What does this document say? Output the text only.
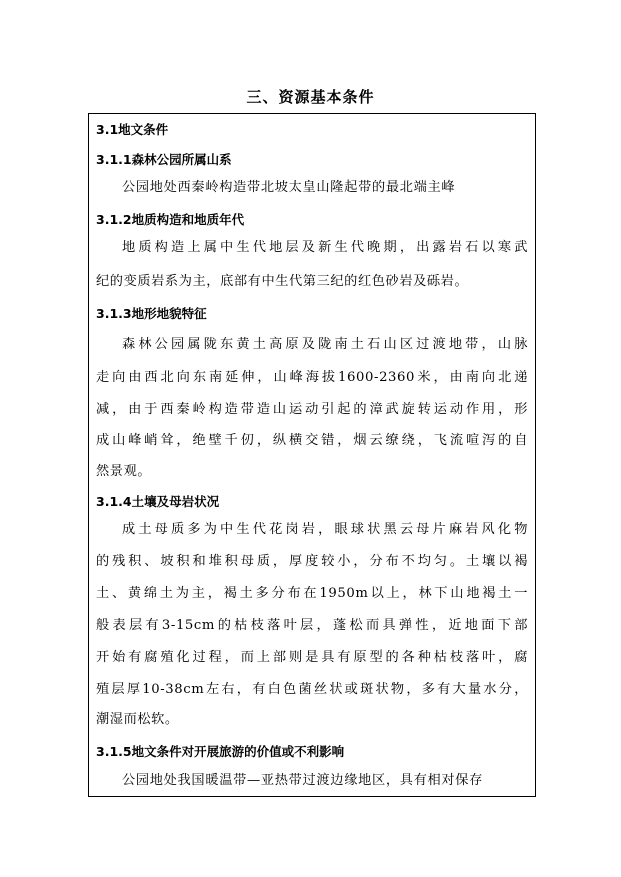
三、资源基本条件
3.1地文条件
3.1.1森林公园所属山系
公园地处西秦岭构造带北坡太皇山隆起带的最北端主峰
3.1.2地质构造和地质年代
地质构造上属中生代地层及新生代晚期，出露岩石以寒武
纪的变质岩系为主，底部有中生代第三纪的红色砂岩及砾岩。
3.1.3地形地貌特征
森林公园属陇东黄土高原及陇南土石山区过渡地带，山脉
走向由西北向东南延伸，山峰海拔1600-2360米，由南向北递
减，由于西秦岭构造带造山运动引起的漳武旋转运动作用，形
成山峰峭耸，绝壁千仞，纵横交错，烟云缭绕，飞流喧泻的自
然景观。
3.1.4土壤及母岩状况
成土母质多为中生代花岗岩，眼球状黑云母片麻岩风化物
的残积、坡积和堆积母质，厚度较小，分布不均匀。土壤以褐
土、黄绵土为主，褐土多分布在1950m以上，林下山地褐土一
般表层有3-15cm的枯枝落叶层，蓬松而具弹性，近地面下部
开始有腐殖化过程，而上部则是具有原型的各种枯枝落叶，腐
殖层厚10-38cm左右，有白色菌丝状或斑状物，多有大量水分，
潮湿而松软。
3.1.5地文条件对开展旅游的价值或不利影响
公园地处我国暖温带—亚热带过渡边缘地区，具有相对保存
